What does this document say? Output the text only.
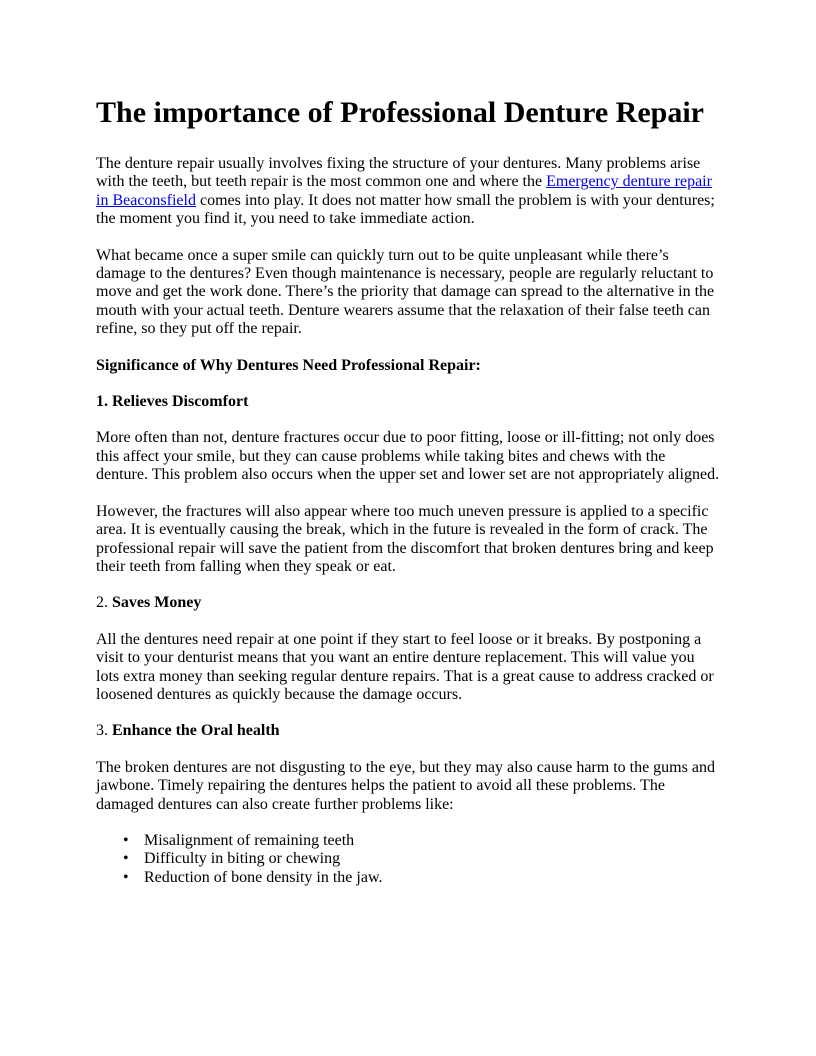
The importance of Professional Denture Repair

The denture repair usually involves fixing the structure of your dentures. Many problems arise with the teeth, but teeth repair is the most common one and where the Emergency denture repair in Beaconsfield comes into play. It does not matter how small the problem is with your dentures; the moment you find it, you need to take immediate action.

What became once a super smile can quickly turn out to be quite unpleasant while there’s damage to the dentures? Even though maintenance is necessary, people are regularly reluctant to move and get the work done. There’s the priority that damage can spread to the alternative in the mouth with your actual teeth. Denture wearers assume that the relaxation of their false teeth can refine, so they put off the repair.

Significance of Why Dentures Need Professional Repair:

1. Relieves Discomfort

More often than not, denture fractures occur due to poor fitting, loose or ill-fitting; not only does this affect your smile, but they can cause problems while taking bites and chews with the denture. This problem also occurs when the upper set and lower set are not appropriately aligned.

However, the fractures will also appear where too much uneven pressure is applied to a specific area. It is eventually causing the break, which in the future is revealed in the form of crack. The professional repair will save the patient from the discomfort that broken dentures bring and keep their teeth from falling when they speak or eat.

2. Saves Money

All the dentures need repair at one point if they start to feel loose or it breaks. By postponing a visit to your denturist means that you want an entire denture replacement. This will value you lots extra money than seeking regular denture repairs. That is a great cause to address cracked or loosened dentures as quickly because the damage occurs.

3. Enhance the Oral health

The broken dentures are not disgusting to the eye, but they may also cause harm to the gums and jawbone. Timely repairing the dentures helps the patient to avoid all these problems. The damaged dentures can also create further problems like:

• Misalignment of remaining teeth
• Difficulty in biting or chewing
• Reduction of bone density in the jaw.
